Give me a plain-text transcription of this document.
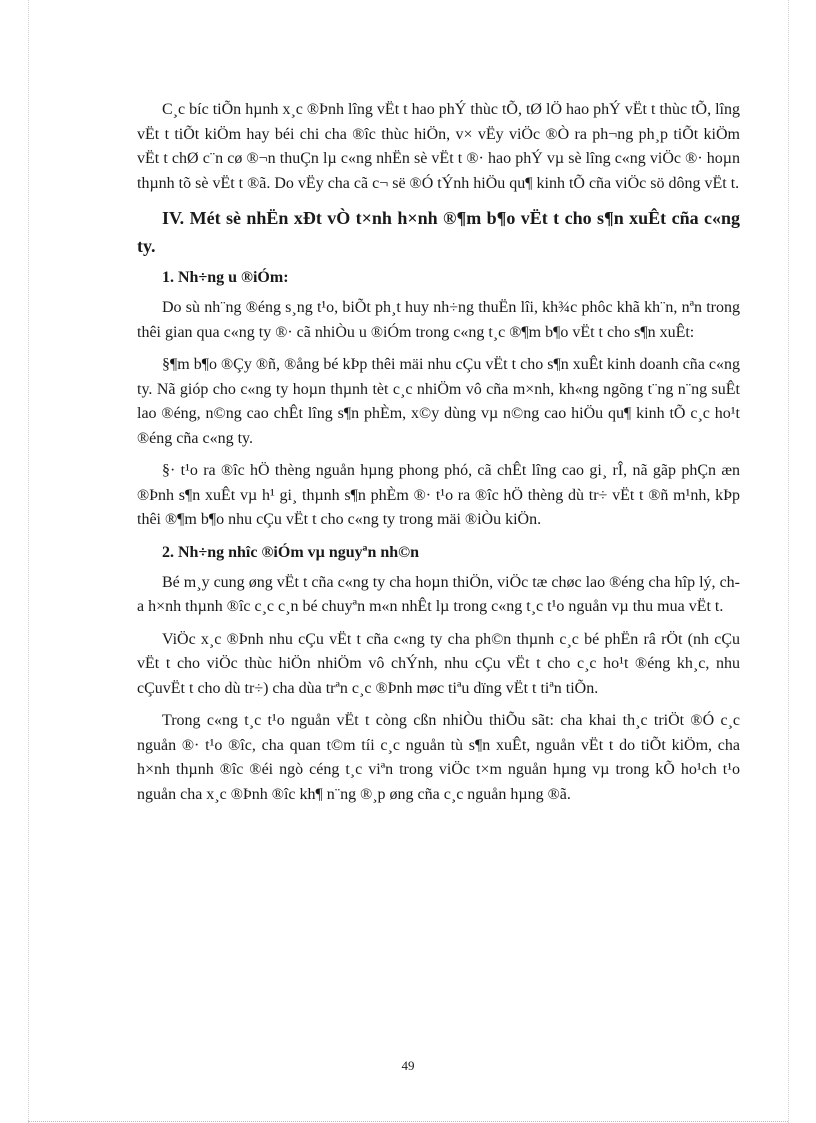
C¸c bíc tiÕn hµnh x¸c ®Þnh lîng vËt t hao phÝ thùc tÕ, tØ lÖ hao phÝ vËt t thùc tÕ, lîng vËt t tiÕt kiÖm hay béi chi cha ®îc thùc hiÖn, v× vËy viÖc ®Ò ra ph¬ng ph¸p tiÕt kiÖm vËt t chØ c¨n cø ®¬n thuÇn lµ c«ng nhËn sè vËt t ®· hao phÝ vµ sè lîng c«ng viÖc ®· hoµn thµnh tõ sè vËt t ®ã. Do vËy cha cã c¬ së ®Ó tÝnh hiÖu qu¶ kinh tÕ cña viÖc sö dông vËt t.

IV. Mét sè nhËn xÐt vÒ t×nh h×nh ®¶m b¶o vËt t cho s¶n xuÊt cña c«ng ty.
1. Nh÷ng u ®iÓm:

Do sù nh¨ng ®éng s¸ng t¹o, biÕt ph¸t huy nh÷ng thuËn lîi, kh¾c phôc khã kh¨n, nªn trong thêi gian qua c«ng ty ®· cã nhiÒu u ®iÓm trong c«ng t¸c ®¶m b¶o vËt t cho s¶n xuÊt:

§¶m b¶o ®Çy ®ñ, ®ång bé kÞp thêi mäi nhu cÇu vËt t cho s¶n xuÊt kinh doanh cña c«ng ty. Nã gióp cho c«ng ty hoµn thµnh tèt c¸c nhiÖm vô cña m×nh, kh«ng ngõng t¨ng n¨ng suÊt lao ®éng, n©ng cao chÊt lîng s¶n phÈm, x©y dùng vµ n©ng cao hiÖu qu¶ kinh tÕ c¸c ho¹t ®éng cña c«ng ty.

§· t¹o ra ®îc hÖ thèng nguån hµng phong phó, cã chÊt lîng cao gi¸ rÎ, nã gãp phÇn æn ®Þnh s¶n xuÊt vµ h¹ gi¸ thµnh s¶n phÈm ®· t¹o ra ®îc hÖ thèng dù tr÷ vËt t ®ñ m¹nh, kÞp thêi ®¶m b¶o nhu cÇu vËt t cho c«ng ty trong mäi ®iÒu kiÖn.

2. Nh÷ng nhîc ®iÓm vµ nguyªn nh©n

Bé m¸y cung øng vËt t cña c«ng ty cha hoµn thiÖn, viÖc tæ chøc lao ®éng cha hîp lý, cha h×nh thµnh ®îc c¸c c¸n bé chuyªn m«n nhÊt lµ trong c«ng t¸c t¹o nguån vµ thu mua vËt t.

ViÖc x¸c ®Þnh nhu cÇu vËt t cña c«ng ty cha ph©n thµnh c¸c bé phËn râ rÖt (nh cÇu vËt t cho viÖc thùc hiÖn nhiÖm vô chÝnh, nhu cÇu vËt t cho c¸c ho¹t ®éng kh¸c, nhu cÇuvËt t cho dù tr÷) cha dùa trªn c¸c ®Þnh møc tiªu dïng vËt t tiªn tiÕn.

Trong c«ng t¸c t¹o nguån vËt t còng cßn nhiÒu thiÕu sãt: cha khai th¸c triÖt ®Ó c¸c nguån ®· t¹o ®îc, cha quan t©m tíi c¸c nguån tù s¶n xuÊt, nguån vËt t do tiÕt kiÖm, cha h×nh thµnh ®îc ®éi ngò céng t¸c viªn trong viÖc t×m nguån hµng vµ trong kÕ ho¹ch t¹o nguån cha x¸c ®Þnh ®îc kh¶ n¨ng ®¸p øng cña c¸c nguån hµng ®ã.

49
